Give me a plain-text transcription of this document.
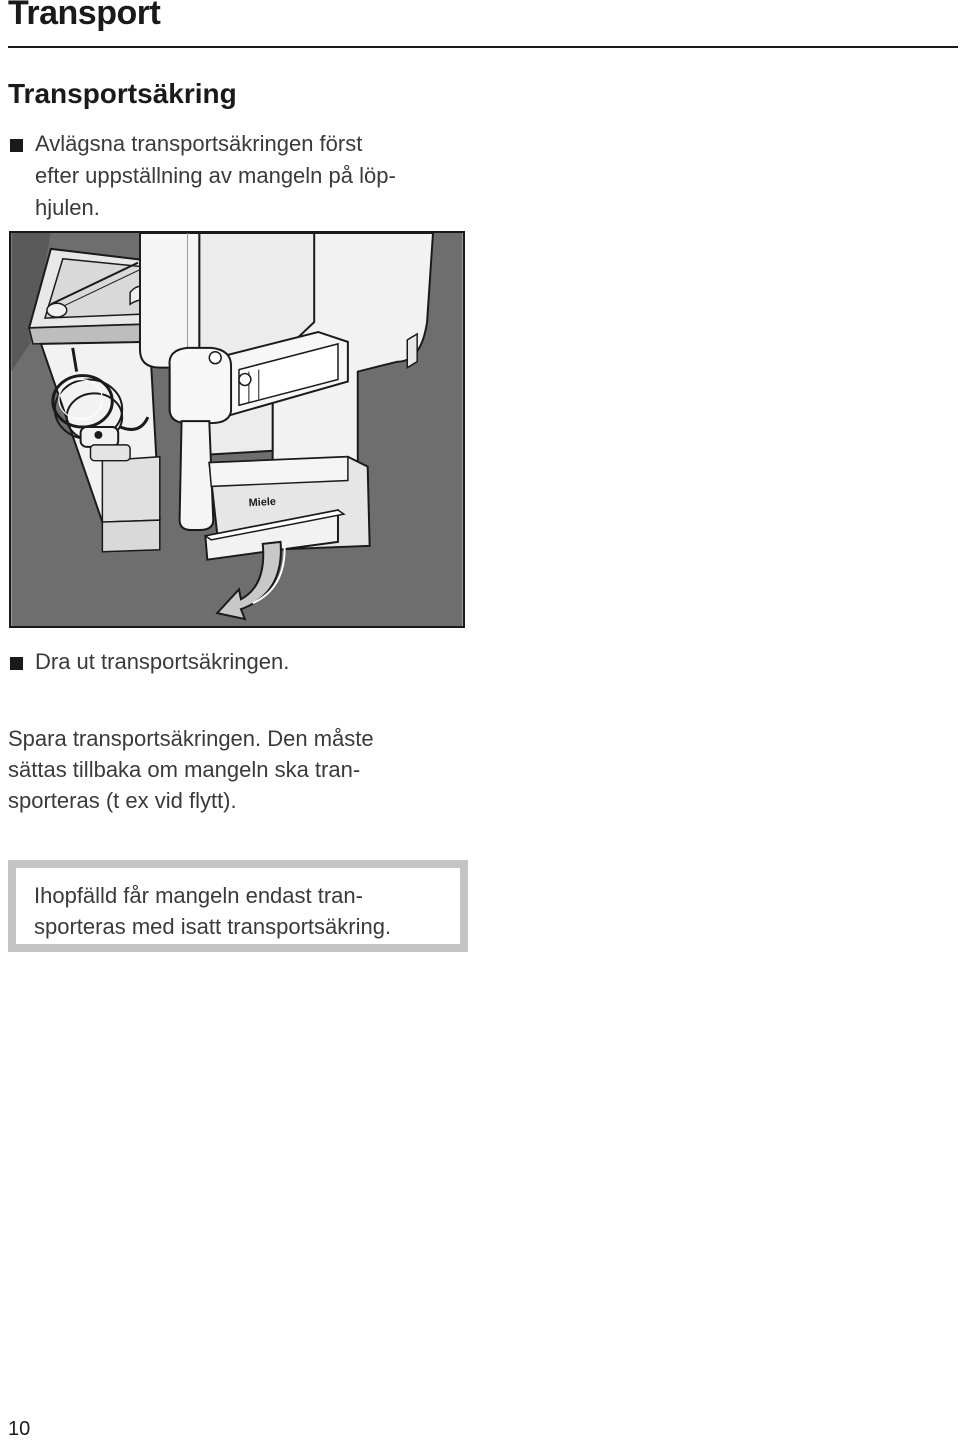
Transport
Transportsäkring
Avlägsna transportsäkringen först
efter uppställning av mangeln på löp-
hjulen.
Miele
Dra ut transportsäkringen.
Spara transportsäkringen. Den måste
sättas tillbaka om mangeln ska tran-
sporteras (t ex vid flytt).
Ihopfälld får mangeln endast tran-
sporteras med isatt transportsäkring.
10
